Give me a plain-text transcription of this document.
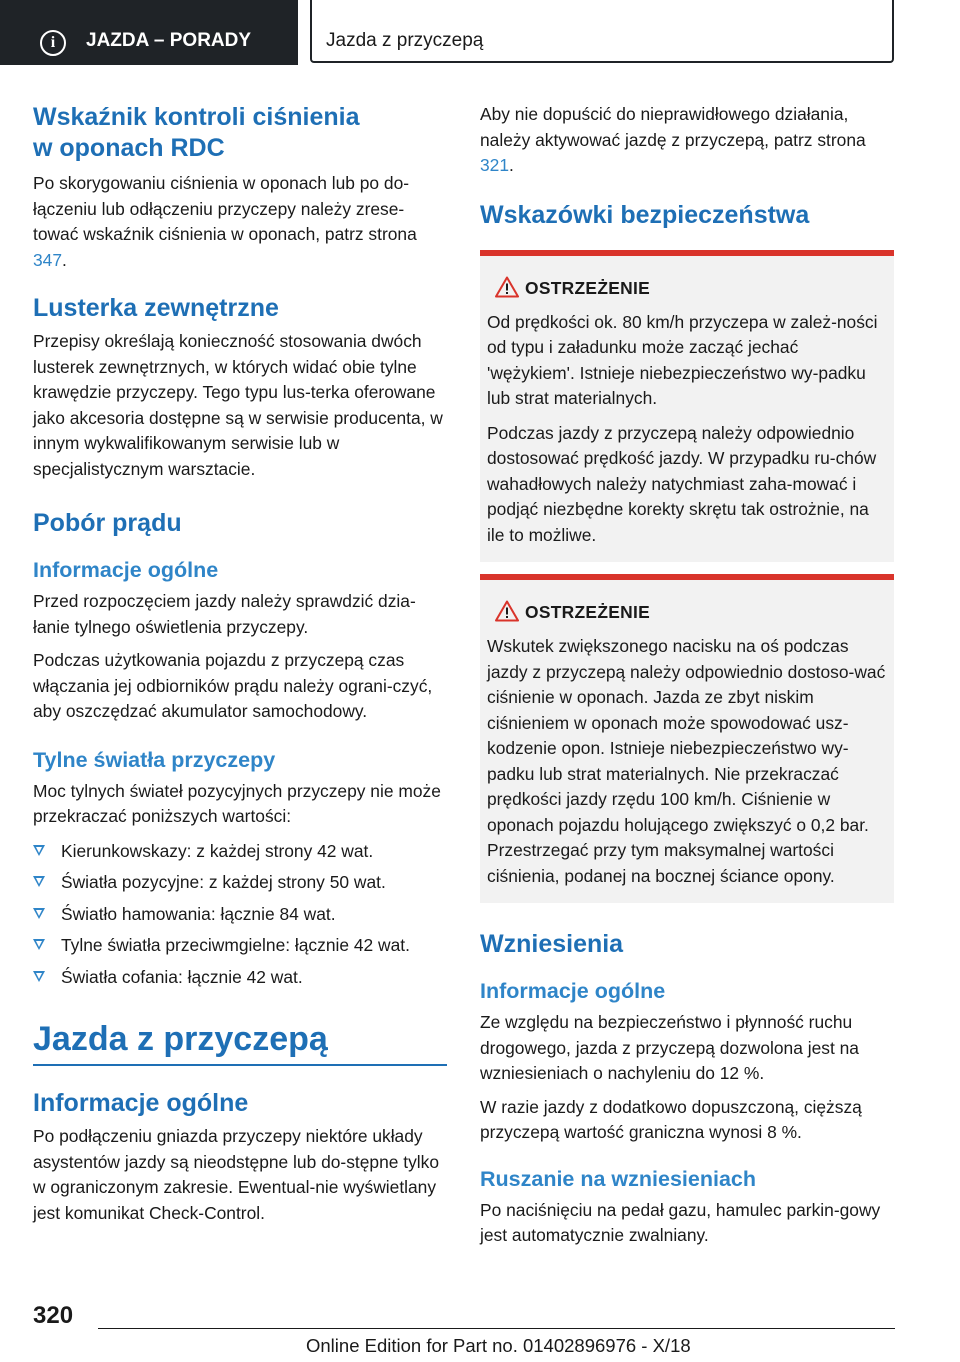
i	JAZDA – PORADY	Jazda z przyczepą
Wskaźnik kontroli ciśnienia
w oponach RDC

Po skorygowaniu ciśnienia w oponach lub po do-łączeniu lub odłączeniu przyczepy należy zrese-tować wskaźnik ciśnienia w oponach, patrz strona 347.

Lusterka zewnętrzne

Przepisy określają konieczność stosowania dwóch lusterek zewnętrznych, w których widać obie tylne krawędzie przyczepy. Tego typu lus-terka oferowane jako akcesoria dostępne są w serwisie producenta, w innym wykwalifikowanym serwisie lub w specjalistycznym warsztacie.

Pobór prądu
Informacje ogólne

Przed rozpoczęciem jazdy należy sprawdzić dzia-łanie tylnego oświetlenia przyczepy.

Podczas użytkowania pojazdu z przyczepą czas włączania jej odbiorników prądu należy ograni-czyć, aby oszczędzać akumulator samochodowy.

Tylne światła przyczepy

Moc tylnych świateł pozycyjnych przyczepy nie może przekraczać poniższych wartości:

Kierunkowskazy: z każdej strony 42 wat.
Światła pozycyjne: z każdej strony 50 wat.
Światło hamowania: łącznie 84 wat.
Tylne światła przeciwmgielne: łącznie 42 wat.
Światła cofania: łącznie 42 wat.
Jazda z przyczepą
Informacje ogólne

Po podłączeniu gniazda przyczepy niektóre układy asystentów jazdy są nieodstępne lub do-stępne tylko w ograniczonym zakresie. Ewentual-nie wyświetlany jest komunikat Check-Control.

Aby nie dopuścić do nieprawidłowego działania, należy aktywować jazdę z przyczepą, patrz strona 321.

Wskazówki bezpieczeństwa
OSTRZEŻENIE

Od prędkości ok. 80 km/h przyczepa w zależ-ności od typu i załadunku może zacząć jechać 'wężykiem'. Istnieje niebezpieczeństwo wy-padku lub strat materialnych.

Podczas jazdy z przyczepą należy odpowiednio dostosować prędkość jazdy. W przypadku ru-chów wahadłowych należy natychmiast zaha-mować i podjąć niezbędne korekty skrętu tak ostrożnie, na ile to możliwe.

OSTRZEŻENIE

Wskutek zwiększonego nacisku na oś podczas jazdy z przyczepą należy odpowiednio dostoso-wać ciśnienie w oponach. Jazda ze zbyt niskim ciśnieniem w oponach może spowodować usz-kodzenie opon. Istnieje niebezpieczeństwo wy-padku lub strat materialnych. Nie przekraczać prędkości jazdy rzędu 100 km/h. Ciśnienie w oponach pojazdu holującego zwiększyć o 0,2 bar. Przestrzegać przy tym maksymalnej wartości ciśnienia, podanej na bocznej ściance opony.

Wzniesienia
Informacje ogólne

Ze względu na bezpieczeństwo i płynność ruchu drogowego, jazda z przyczepą dozwolona jest na wzniesieniach o nachyleniu do 12 %.

W razie jazdy z dodatkowo dopuszczoną, cięższą przyczepą wartość graniczna wynosi 8 %.

Ruszanie na wzniesieniach

Po naciśnięciu na pedał gazu, hamulec parkin-gowy jest automatycznie zwalniany.

320
Online Edition for Part no. 01402896976 - X/18
